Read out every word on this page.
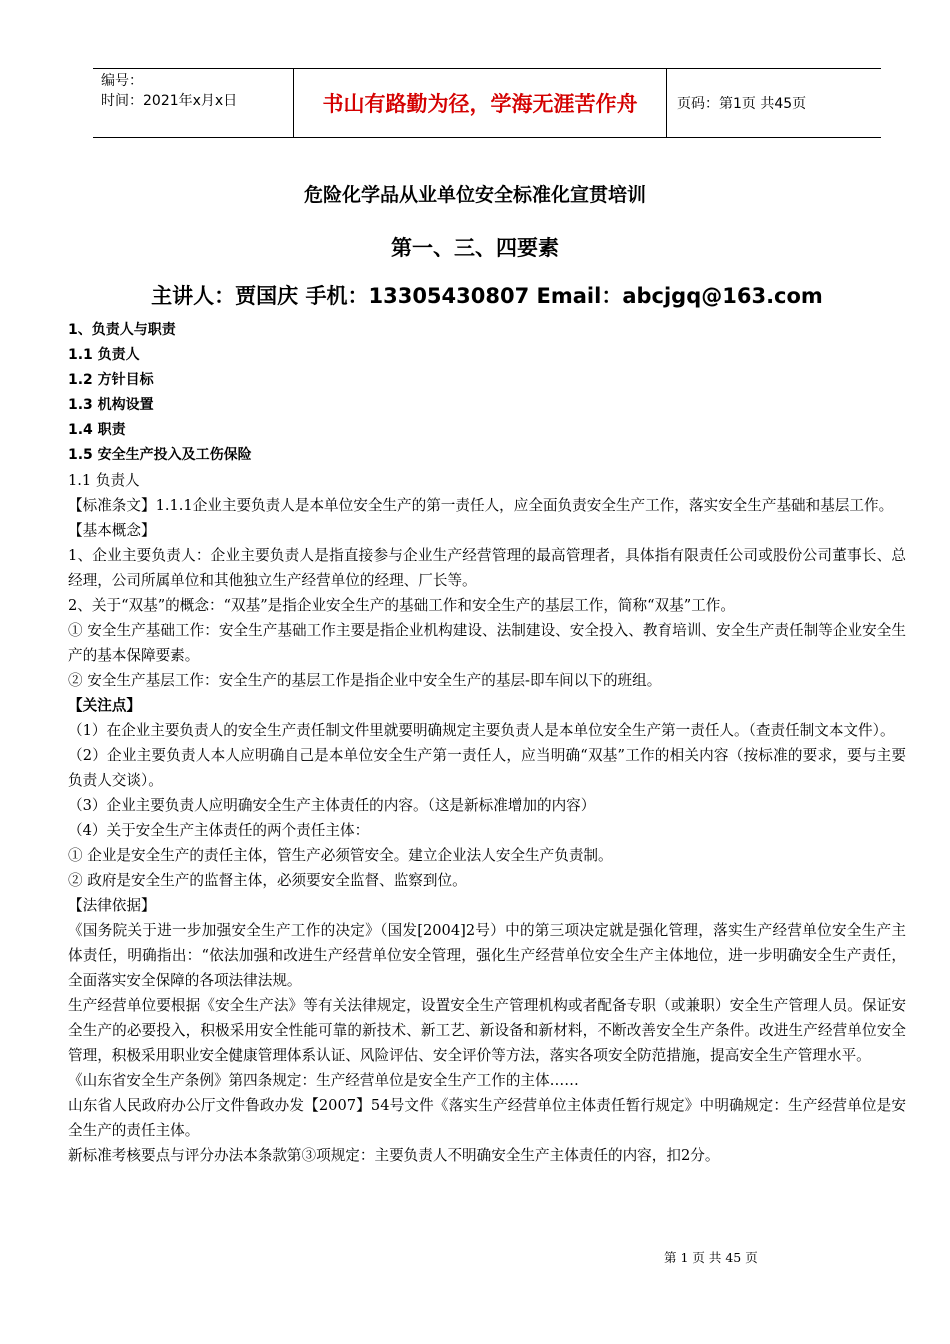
编号：
时间：2021年x月x日	书山有路勤为径，学海无涯苦作舟	页码：第1页 共45页
危险化学品从业单位安全标准化宣贯培训
第一、三、四要素
主讲人：贾国庆 手机：13305430807 Email：abcjgq@163.com

1、负责人与职责

1.1 负责人

1.2 方针目标

1.3 机构设置

1.4 职责

1.5 安全生产投入及工伤保险

1.1 负责人

【标准条文】1.1.1企业主要负责人是本单位安全生产的第一责任人，应全面负责安全生产工作，落实安全生产基础和基层工作。

【基本概念】

1、企业主要负责人：企业主要负责人是指直接参与企业生产经营管理的最高管理者，具体指有限责任公司或股份公司董事长、总经理，公司所属单位和其他独立生产经营单位的经理、厂长等。

2、关于“双基”的概念：“双基”是指企业安全生产的基础工作和安全生产的基层工作，简称“双基”工作。

① 安全生产基础工作：安全生产基础工作主要是指企业机构建设、法制建设、安全投入、教育培训、安全生产责任制等企业安全生产的基本保障要素。

② 安全生产基层工作：安全生产的基层工作是指企业中安全生产的基层-即车间以下的班组。

【关注点】

（1）在企业主要负责人的安全生产责任制文件里就要明确规定主要负责人是本单位安全生产第一责任人。（查责任制文本文件）。

（2）企业主要负责人本人应明确自己是本单位安全生产第一责任人，应当明确“双基”工作的相关内容（按标准的要求，要与主要负责人交谈）。

（3）企业主要负责人应明确安全生产主体责任的内容。（这是新标准增加的内容）

（4）关于安全生产主体责任的两个责任主体：

① 企业是安全生产的责任主体，管生产必须管安全。建立企业法人安全生产负责制。

② 政府是安全生产的监督主体，必须要安全监督、监察到位。

【法律依据】

《国务院关于进一步加强安全生产工作的决定》（国发[2004]2号）中的第三项决定就是强化管理，落实生产经营单位安全生产主体责任，明确指出：“依法加强和改进生产经营单位安全管理，强化生产经营单位安全生产主体地位，进一步明确安全生产责任，全面落实安全保障的各项法律法规。

生产经营单位要根据《安全生产法》等有关法律规定，设置安全生产管理机构或者配备专职（或兼职）安全生产管理人员。保证安全生产的必要投入，积极采用安全性能可靠的新技术、新工艺、新设备和新材料，不断改善安全生产条件。改进生产经营单位安全管理，积极采用职业安全健康管理体系认证、风险评估、安全评价等方法，落实各项安全防范措施，提高安全生产管理水平。

《山东省安全生产条例》第四条规定：生产经营单位是安全生产工作的主体……

山东省人民政府办公厅文件鲁政办发【2007】54号文件《落实生产经营单位主体责任暂行规定》中明确规定：生产经营单位是安全生产的责任主体。

新标准考核要点与评分办法本条款第③项规定：主要负责人不明确安全生产主体责任的内容，扣2分。

第 1 页 共 45 页
